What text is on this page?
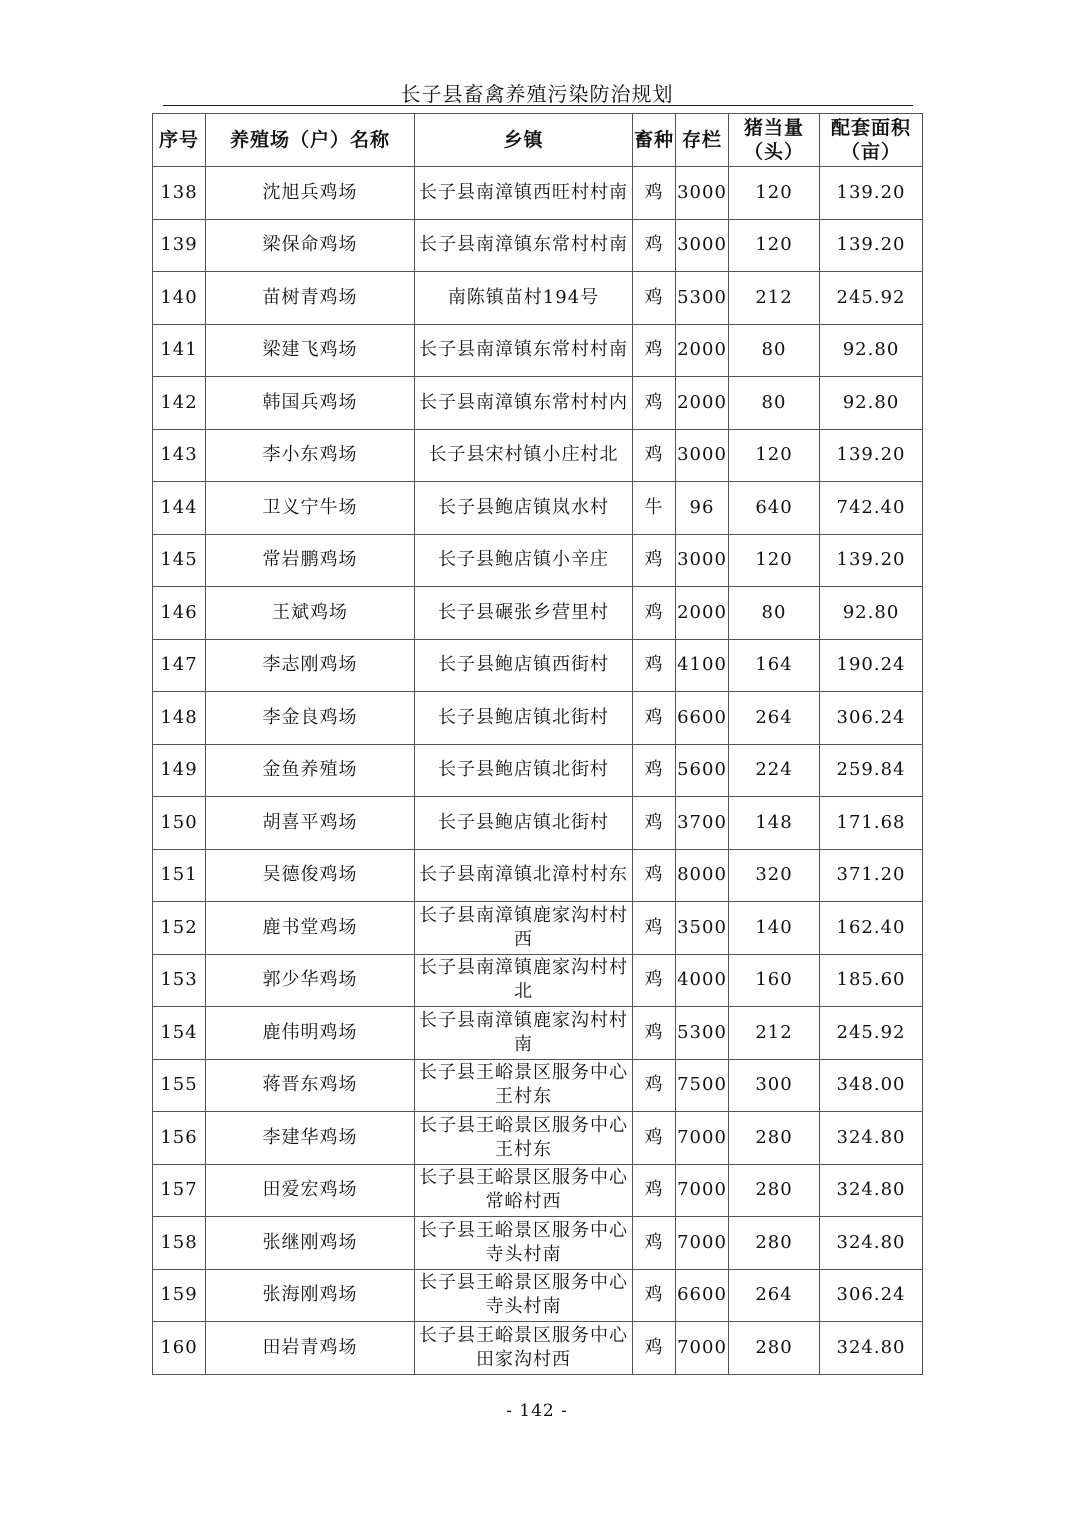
长子县畜禽养殖污染防治规划
序号	养殖场（户）名称	乡镇	畜种	存栏	猪当量（头）	配套面积（亩）
138	沈旭兵鸡场	长子县南漳镇西旺村村南	鸡	3000	120	139.20
139	梁保命鸡场	长子县南漳镇东常村村南	鸡	3000	120	139.20
140	苗树青鸡场	南陈镇苗村194号	鸡	5300	212	245.92
141	梁建飞鸡场	长子县南漳镇东常村村南	鸡	2000	80	92.80
142	韩国兵鸡场	长子县南漳镇东常村村内	鸡	2000	80	92.80
143	李小东鸡场	长子县宋村镇小庄村北	鸡	3000	120	139.20
144	卫义宁牛场	长子县鲍店镇岚水村	牛	96	640	742.40
145	常岩鹏鸡场	长子县鲍店镇小辛庄	鸡	3000	120	139.20
146	王斌鸡场	长子县碾张乡营里村	鸡	2000	80	92.80
147	李志刚鸡场	长子县鲍店镇西街村	鸡	4100	164	190.24
148	李金良鸡场	长子县鲍店镇北街村	鸡	6600	264	306.24
149	金鱼养殖场	长子县鲍店镇北街村	鸡	5600	224	259.84
150	胡喜平鸡场	长子县鲍店镇北街村	鸡	3700	148	171.68
151	吴德俊鸡场	长子县南漳镇北漳村村东	鸡	8000	320	371.20
152	鹿书堂鸡场	长子县南漳镇鹿家沟村村西	鸡	3500	140	162.40
153	郭少华鸡场	长子县南漳镇鹿家沟村村北	鸡	4000	160	185.60
154	鹿伟明鸡场	长子县南漳镇鹿家沟村村南	鸡	5300	212	245.92
155	蒋晋东鸡场	长子县王峪景区服务中心王村东	鸡	7500	300	348.00
156	李建华鸡场	长子县王峪景区服务中心王村东	鸡	7000	280	324.80
157	田爱宏鸡场	长子县王峪景区服务中心常峪村西	鸡	7000	280	324.80
158	张继刚鸡场	长子县王峪景区服务中心寺头村南	鸡	7000	280	324.80
159	张海刚鸡场	长子县王峪景区服务中心寺头村南	鸡	6600	264	306.24
160	田岩青鸡场	长子县王峪景区服务中心田家沟村西	鸡	7000	280	324.80
- 142 -
